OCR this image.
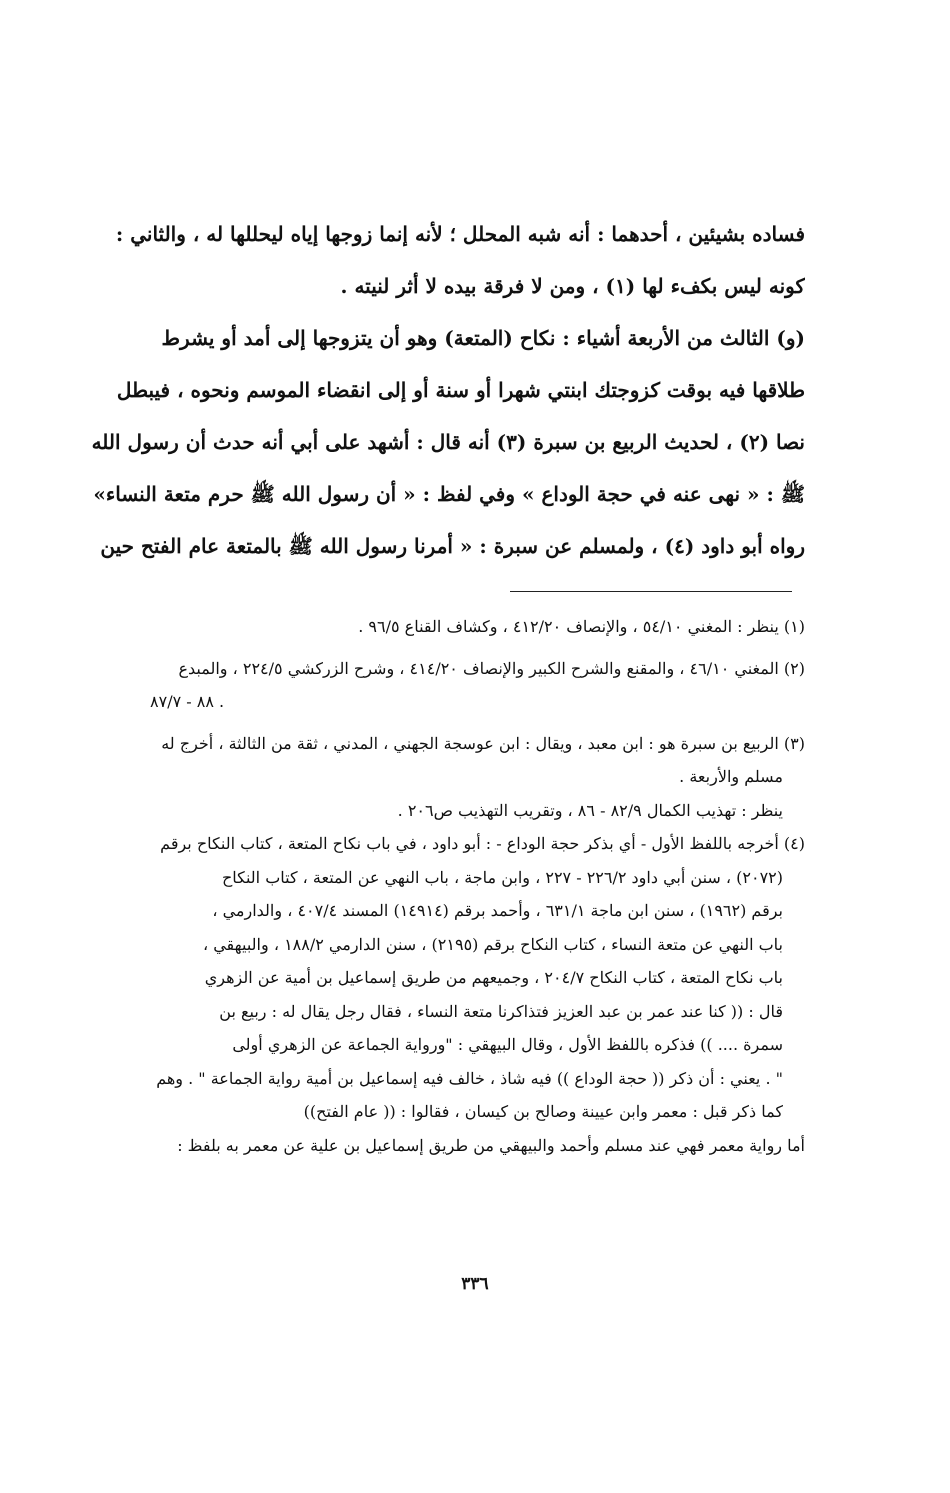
فساده بشيئين ، أحدهما : أنه شبه المحلل ؛ لأنه إنما زوجها إياه ليحللها له ، والثاني :
كونه ليس بكفء لها (١) ، ومن لا فرقة بيده لا أثر لنيته .
(و) الثالث من الأربعة أشياء : نكاح (المتعة) وهو أن يتزوجها إلى أمد أو يشرط
طلاقها فيه بوقت كزوجتك ابنتي شهرا أو سنة أو إلى انقضاء الموسم ونحوه ، فيبطل
نصا (٢) ، لحديث الربيع بن سبرة (٣) أنه قال : أشهد على أبي أنه حدث أن رسول الله
ﷺ : « نهى عنه في حجة الوداع » وفي لفظ : « أن رسول الله ﷺ حرم متعة النساء»
رواه أبو داود (٤) ، ولمسلم عن سبرة : « أمرنا رسول الله ﷺ بالمتعة عام الفتح حين
(١) ينظر : المغني ٥٤/١٠ ، والإنصاف ٤١٢/٢٠ ، وكشاف القناع ٩٦/٥ .
(٢) المغني ٤٦/١٠ ، والمقنع والشرح الكبير والإنصاف ٤١٤/٢٠ ، وشرح الزركشي ٢٢٤/٥ ، والمبدع
. ٨٨ - ٨٧/٧
(٣) الربيع بن سبرة هو : ابن معبد ، ويقال : ابن عوسجة الجهني ، المدني ، ثقة من الثالثة ، أخرج له
مسلم والأربعة .
ينظر : تهذيب الكمال ٨٢/٩ - ٨٦ ، وتقريب التهذيب ص٢٠٦ .
(٤) أخرجه باللفظ الأول - أي بذكر حجة الوداع - : أبو داود ، في باب نكاح المتعة ، كتاب النكاح برقم
(٢٠٧٢) ، سنن أبي داود ٢٢٦/٢ - ٢٢٧ ، وابن ماجة ، باب النهي عن المتعة ، كتاب النكاح
برقم (١٩٦٢) ، سنن ابن ماجة ٦٣١/١ ، وأحمد برقم (١٤٩١٤) المسند ٤٠٧/٤ ، والدارمي ،
باب النهي عن متعة النساء ، كتاب النكاح برقم (٢١٩٥) ، سنن الدارمي ١٨٨/٢ ، والبيهقي ،
باب نكاح المتعة ، كتاب النكاح ٢٠٤/٧ ، وجميعهم من طريق إسماعيل بن أمية عن الزهري
قال : (( كنا عند عمر بن عبد العزيز فتذاكرنا متعة النساء ، فقال رجل يقال له : ربيع بن
سمرة .... )) فذكره باللفظ الأول ، وقال البيهقي : "ورواية الجماعة عن الزهري أولى
" . يعني : أن ذكر (( حجة الوداع )) فيه شاذ ، خالف فيه إسماعيل بن أمية رواية الجماعة " . وهم
كما ذكر قبل : معمر وابن عيينة وصالح بن كيسان ، فقالوا : (( عام الفتح))
أما رواية معمر فهي عند مسلم وأحمد والبيهقي من طريق إسماعيل بن علية عن معمر به بلفظ :
٣٣٦
